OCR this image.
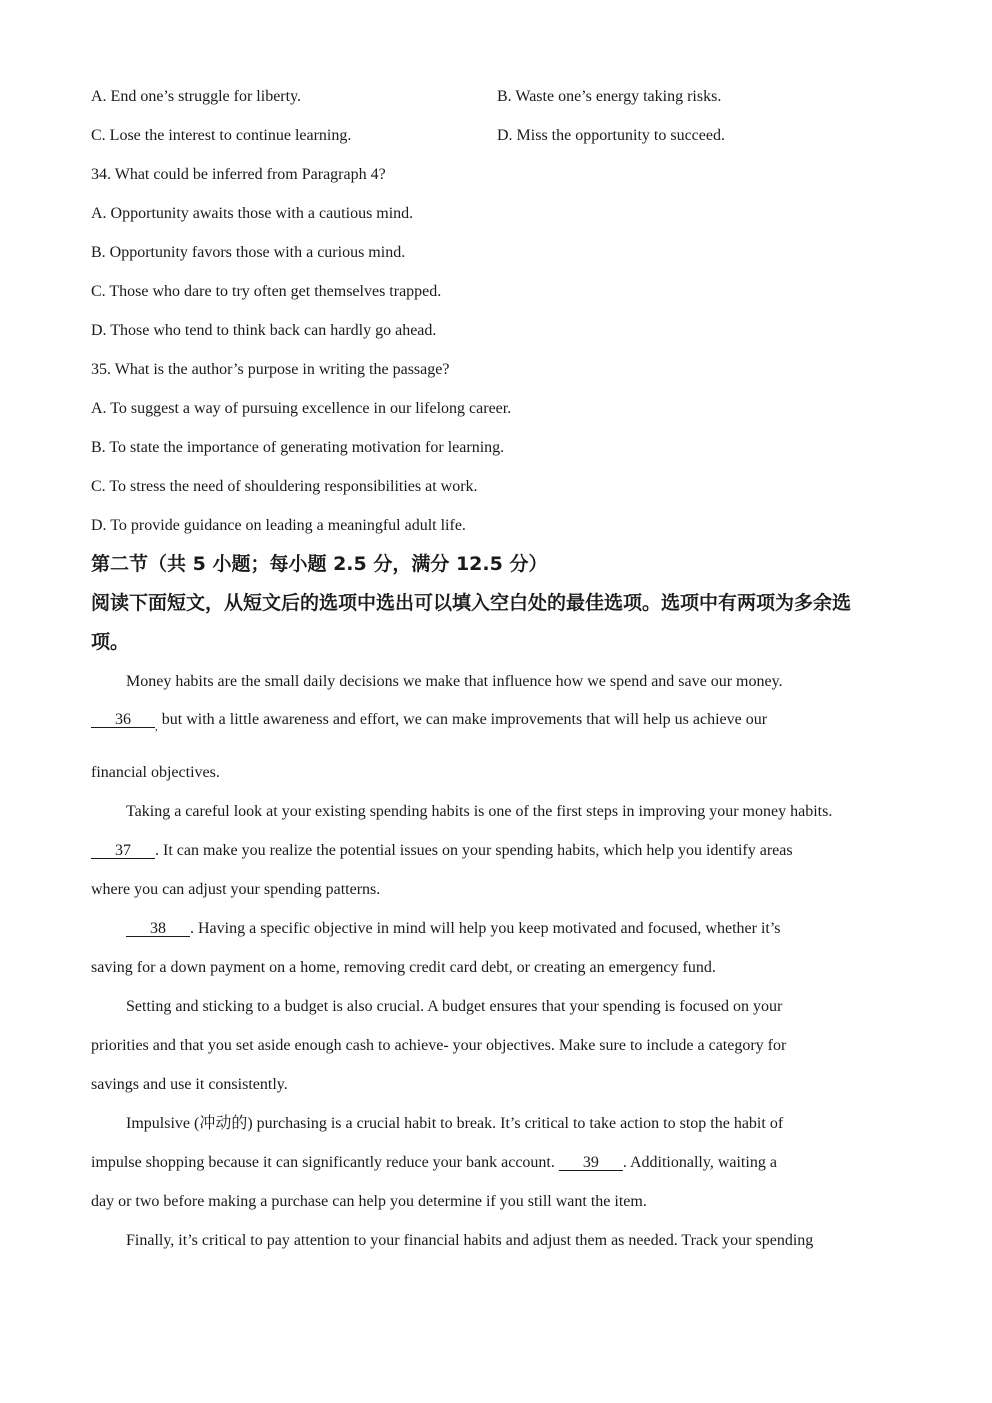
A. End one’s struggle for liberty.	B. Waste one’s energy taking risks.
C. Lose the interest to continue learning.	D. Miss the opportunity to succeed.
34. What could be inferred from Paragraph 4?
A. Opportunity awaits those with a cautious mind.
B. Opportunity favors those with a curious mind.
C. Those who dare to try often get themselves trapped.
D. Those who tend to think back can hardly go ahead.
35. What is the author’s purpose in writing the passage?
A. To suggest a way of pursuing excellence in our lifelong career.
B. To state the importance of generating motivation for learning.
C. To stress the need of shouldering responsibilities at work.
D. To provide guidance on leading a meaningful adult life.
第二节（共 5 小题；每小题 2.5 分，满分 12.5 分）
阅读下面短文，从短文后的选项中选出可以填入空白处的最佳选项。选项中有两项为多余选
项。
Money habits are the small daily decisions we make that influence how we spend and save our money.
36      $_,$ but with a little awareness and effort, we can make improvements that will help us achieve our
financial objectives.
Taking a careful look at your existing spending habits is one of the first steps in improving your money habits.
37      . It can make you realize the potential issues on your spending habits, which help you identify areas
where you can adjust your spending patterns.
38      . Having a specific objective in mind will help you keep motivated and focused, whether it’s
saving for a down payment on a home, removing credit card debt, or creating an emergency fund.
Setting and sticking to a budget is also crucial. A budget ensures that your spending is focused on your
priorities and that you set aside enough cash to achieve- your objectives. Make sure to include a category for
savings and use it consistently.
Impulsive (冲动的) purchasing is a crucial habit to break. It’s critical to take action to stop the habit of
impulse shopping because it can significantly reduce your bank account.       39      . Additionally, waiting a
day or two before making a purchase can help you determine if you still want the item.
Finally, it’s critical to pay attention to your financial habits and adjust them as needed. Track your spending
